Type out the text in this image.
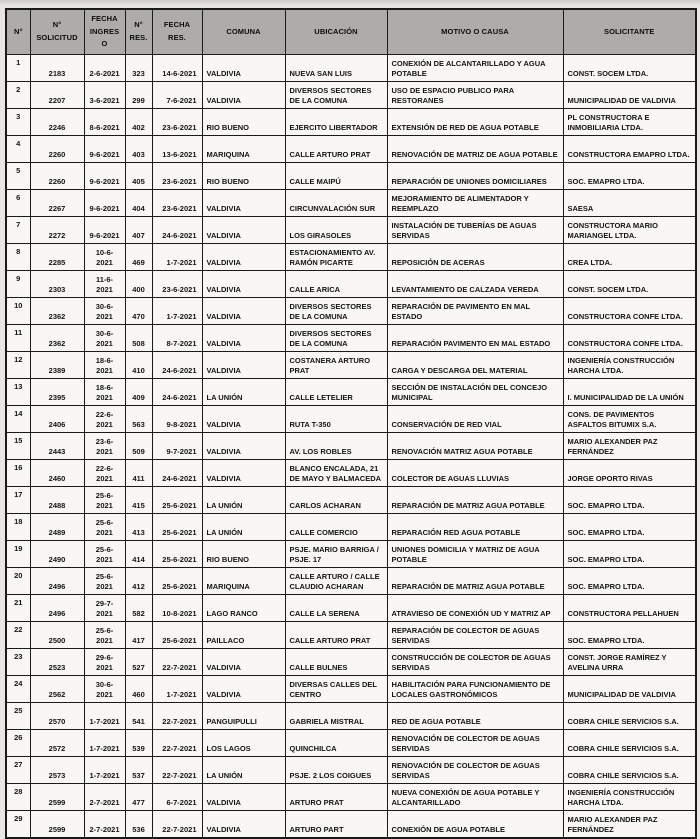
N°	N° SOLICITUD	FECHA INGRESO	N° RES.	FECHA RES.	COMUNA	UBICACIÓN	MOTIVO O CAUSA	SOLICITANTE
1	2183	2-6-2021	323	14-6-2021	VALDIVIA	NUEVA SAN LUIS	CONEXIÓN DE ALCANTARILLADO Y AGUA POTABLE	CONST. SOCEM LTDA.
2	2207	3-6-2021	299	7-6-2021	VALDIVIA	DIVERSOS SECTORES DE LA COMUNA	USO DE ESPACIO PUBLICO PARA RESTORANES	MUNICIPALIDAD DE VALDIVIA
3	2246	8-6-2021	402	23-6-2021	RIO BUENO	EJERCITO LIBERTADOR	EXTENSIÓN DE RED DE AGUA POTABLE	PL CONSTRUCTORA E INMOBILIARIA LTDA.
4	2260	9-6-2021	403	13-6-2021	MARIQUINA	CALLE ARTURO PRAT	RENOVACIÓN DE MATRIZ DE AGUA POTABLE	CONSTRUCTORA EMAPRO LTDA.
5	2260	9-6-2021	405	23-6-2021	RIO BUENO	CALLE MAIPÚ	REPARACIÓN DE UNIONES DOMICILIARES	SOC. EMAPRO LTDA.
6	2267	9-6-2021	404	23-6-2021	VALDIVIA	CIRCUNVALACIÓN SUR	MEJORAMIENTO DE ALIMENTADOR Y REEMPLAZO	SAESA
7	2272	9-6-2021	407	24-6-2021	VALDIVIA	LOS GIRASOLES	INSTALACIÓN DE TUBERÍAS DE AGUAS SERVIDAS	CONSTRUCTORA MARIO MARIANGEL LTDA.
8	2285	10-6-2021	469	1-7-2021	VALDIVIA	ESTACIONAMIENTO AV. RAMÓN PICARTE	REPOSICIÓN DE ACERAS	CREA LTDA.
9	2303	11-6-2021	400	23-6-2021	VALDIVIA	CALLE ARICA	LEVANTAMIENTO DE CALZADA VEREDA	CONST. SOCEM LTDA.
10	2362	30-6-2021	470	1-7-2021	VALDIVIA	DIVERSOS SECTORES DE LA COMUNA	REPARACIÓN DE PAVIMENTO EN MAL ESTADO	CONSTRUCTORA CONFE LTDA.
11	2362	30-6-2021	508	8-7-2021	VALDIVIA	DIVERSOS SECTORES DE LA COMUNA	REPARACIÓN PAVIMENTO EN MAL ESTADO	CONSTRUCTORA CONFE LTDA.
12	2389	18-6-2021	410	24-6-2021	VALDIVIA	COSTANERA ARTURO PRAT	CARGA Y DESCARGA DEL MATERIAL	INGENIERÍA CONSTRUCCIÓN HARCHA LTDA.
13	2395	18-6-2021	409	24-6-2021	LA UNIÓN	CALLE LETELIER	SECCIÓN DE INSTALACIÓN DEL CONCEJO MUNICIPAL	I. MUNICIPALIDAD DE LA UNIÓN
14	2406	22-6-2021	563	9-8-2021	VALDIVIA	RUTA T-350	CONSERVACIÓN DE RED VIAL	CONS. DE PAVIMENTOS ASFALTOS BITUMIX S.A.
15	2443	23-6-2021	509	9-7-2021	VALDIVIA	AV. LOS ROBLES	RENOVACIÓN MATRIZ AGUA POTABLE	MARIO ALEXANDER PAZ FERNÁNDEZ
16	2460	22-6-2021	411	24-6-2021	VALDIVIA	BLANCO ENCALADA, 21 DE MAYO Y BALMACEDA	COLECTOR DE AGUAS LLUVIAS	JORGE OPORTO RIVAS
17	2488	25-6-2021	415	25-6-2021	LA UNIÓN	CARLOS ACHARAN	REPARACIÓN DE MATRIZ AGUA POTABLE	SOC. EMAPRO LTDA.
18	2489	25-6-2021	413	25-6-2021	LA UNIÓN	CALLE COMERCIO	REPARACIÓN RED AGUA POTABLE	SOC. EMAPRO LTDA.
19	2490	25-6-2021	414	25-6-2021	RIO BUENO	PSJE. MARIO BARRIGA / PSJE. 17	UNIONES DOMICILIA Y MATRIZ DE AGUA POTABLE	SOC. EMAPRO LTDA.
20	2496	25-6-2021	412	25-6-2021	MARIQUINA	CALLE ARTURO / CALLE CLAUDIO ACHARAN	REPARACIÓN DE MATRIZ AGUA POTABLE	SOC. EMAPRO LTDA.
21	2496	29-7-2021	582	10-8-2021	LAGO RANCO	CALLE LA SERENA	ATRAVIESO DE CONEXIÓN UD Y MATRIZ AP	CONSTRUCTORA PELLAHUEN
22	2500	25-6-2021	417	25-6-2021	PAILLACO	CALLE ARTURO PRAT	REPARACIÓN DE COLECTOR DE AGUAS SERVIDAS	SOC. EMAPRO LTDA.
23	2523	29-6-2021	527	22-7-2021	VALDIVIA	CALLE BULNES	CONSTRUCCIÓN DE COLECTOR DE AGUAS SERVIDAS	CONST. JORGE RAMÍREZ Y AVELINA URRA
24	2562	30-6-2021	460	1-7-2021	VALDIVIA	DIVERSAS CALLES DEL CENTRO	HABILITACIÓN PARA FUNCIONAMIENTO DE LOCALES GASTRONÓMICOS	MUNICIPALIDAD DE VALDIVIA
25	2570	1-7-2021	541	22-7-2021	PANGUIPULLI	GABRIELA MISTRAL	RED DE AGUA POTABLE	COBRA CHILE SERVICIOS S.A.
26	2572	1-7-2021	539	22-7-2021	LOS LAGOS	QUINCHILCA	RENOVACIÓN DE COLECTOR DE AGUAS SERVIDAS	COBRA CHILE SERVICIOS S.A.
27	2573	1-7-2021	537	22-7-2021	LA UNIÓN	PSJE. 2 LOS COIGUES	RENOVACIÓN DE COLECTOR DE AGUAS SERVIDAS	COBRA CHILE SERVICIOS S.A.
28	2599	2-7-2021	477	6-7-2021	VALDIVIA	ARTURO PRAT	NUEVA CONEXIÓN DE AGUA POTABLE Y ALCANTARILLADO	INGENIERÍA CONSTRUCCIÓN HARCHA LTDA.
29	2599	2-7-2021	536	22-7-2021	VALDIVIA	ARTURO PART	CONEXIÓN DE AGUA POTABLE	MARIO ALEXANDER PAZ FERNÁNDEZ
